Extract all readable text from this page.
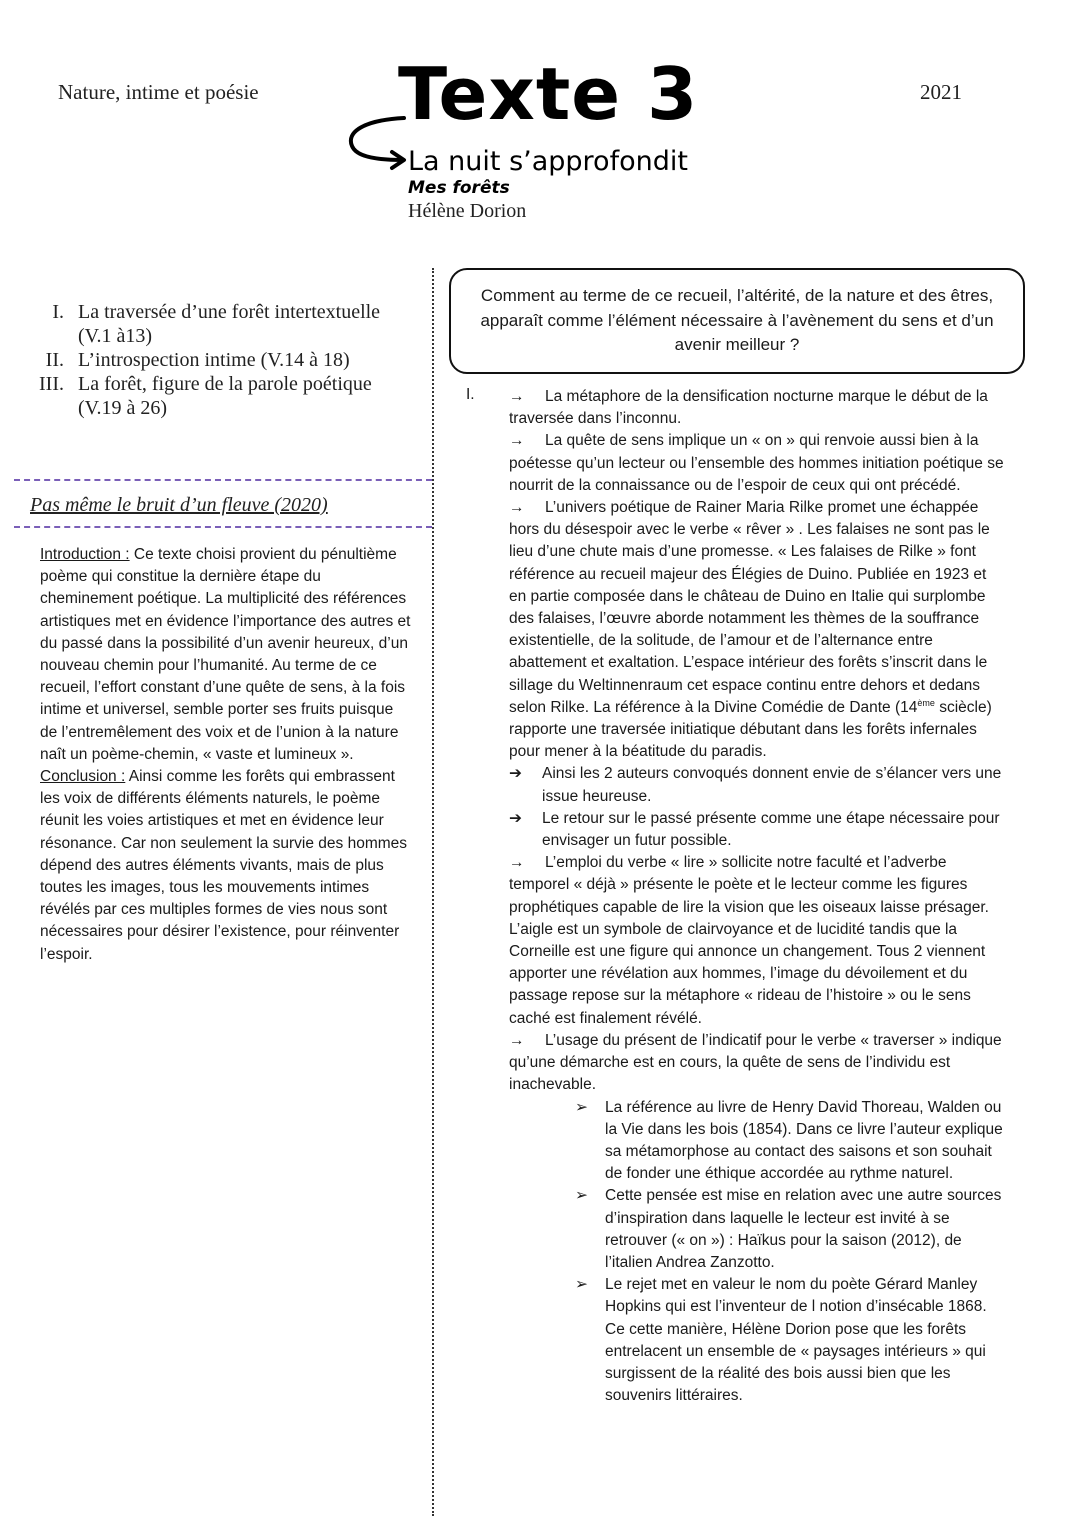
Nature, intime et poésie Texte 3	2021
La nuit s’approfondit
Mes forêts
Hélène Dorion
I. La traversée d’une forêt intertextuelle (V.1 à13)
II. L’introspection intime (V.14 à 18)
III. La forêt, figure de la parole poétique (V.19 à 26)
Pas même le bruit d’un fleuve (2020)

Introduction : Ce texte choisi provient du pénultième poème qui constitue la dernière étape du cheminement poétique. La multiplicité des références artistiques met en évidence l’importance des autres et du passé dans la possibilité d’un avenir heureux, d’un nouveau chemin pour l’humanité. Au terme de ce recueil, l’effort constant d’une quête de sens, à la fois intime et universel, semble porter ses fruits puisque de l’entremêlement des voix et de l’union à la nature naît un poème-chemin, « vaste et lumineux ».

Conclusion : Ainsi comme les forêts qui embrassent les voix de différents éléments naturels, le poème réunit les voies artistiques et met en évidence leur résonance. Car non seulement la survie des hommes dépend des autres éléments vivants, mais de plus toutes les images, tous les mouvements intimes révélés par ces multiples formes de vies nous sont nécessaires pour désirer l’existence, pour réinventer l’espoir.

Comment au terme de ce recueil, l’altérité, de la nature et des êtres, apparaît comme l’élément nécessaire à l’avènement du sens et d’un avenir meilleur ?
I. → La métaphore de la densification nocturne marque le début de la traversée dans l’inconnu.

→ La quête de sens implique un « on » qui renvoie aussi bien à la poétesse qu’un lecteur ou l’ensemble des hommes initiation poétique se nourrit de la connaissance ou de l’espoir de ceux qui ont précédé.

→ L’univers poétique de Rainer Maria Rilke promet une échappée hors du désespoir avec le verbe « rêver » . Les falaises ne sont pas le lieu d’une chute mais d’une promesse. « Les falaises de Rilke » font référence au recueil majeur des Élégies de Duino. Publiée en 1923 et en partie composée dans le château de Duino en Italie qui surplombe des falaises, l’œuvre aborde notamment les thèmes de la souffrance existentielle, de la solitude, de l’amour et de l’alternance entre abattement et exaltation. L’espace intérieur des forêts s’inscrit dans le sillage du Weltinnenraum cet espace continu entre dehors et dedans selon Rilke. La référence à la Divine Comédie de Dante (14ème sciècle) rapporte une traversée initiatique débutant dans les forêts infernales pour mener à la béatitude du paradis.

➔ Ainsi les 2 auteurs convoqués donnent envie de s’élancer vers une issue heureuse.

➔ Le retour sur le passé présente comme une étape nécessaire pour envisager un futur possible.

→ L’emploi du verbe « lire » sollicite notre faculté et l’adverbe temporel « déjà » présente le poète et le lecteur comme les figures prophétiques capable de lire la vision que les oiseaux laisse présager. L’aigle est un symbole de clairvoyance et de lucidité tandis que la Corneille est une figure qui annonce un changement. Tous 2 viennent apporter une révélation aux hommes, l’image du dévoilement et du passage repose sur la métaphore « rideau de l’histoire » ou le sens caché est finalement révélé.

→ L’usage du présent de l’indicatif pour le verbe « traverser » indique qu’une démarche est en cours, la quête de sens de l’individu est inachevable.

➢	La référence au livre de Henry David Thoreau, Walden ou la Vie dans les bois (1854). Dans ce livre l’auteur explique sa métamorphose au contact des saisons et son souhait de fonder une éthique accordée au rythme naturel.

➢	Cette pensée est mise en relation avec une autre sources d’inspiration dans laquelle le lecteur est invité à se retrouver (« on ») : Haïkus pour la saison (2012), de l’italien Andrea Zanzotto.

➢	Le rejet met en valeur le nom du poète Gérard Manley Hopkins qui est l’inventeur de l notion d’insécable 1868. Ce cette manière, Hélène Dorion pose que les forêts entrelacent un ensemble de « paysages intérieurs » qui surgissent de la réalité des bois aussi bien que les souvenirs littéraires.
